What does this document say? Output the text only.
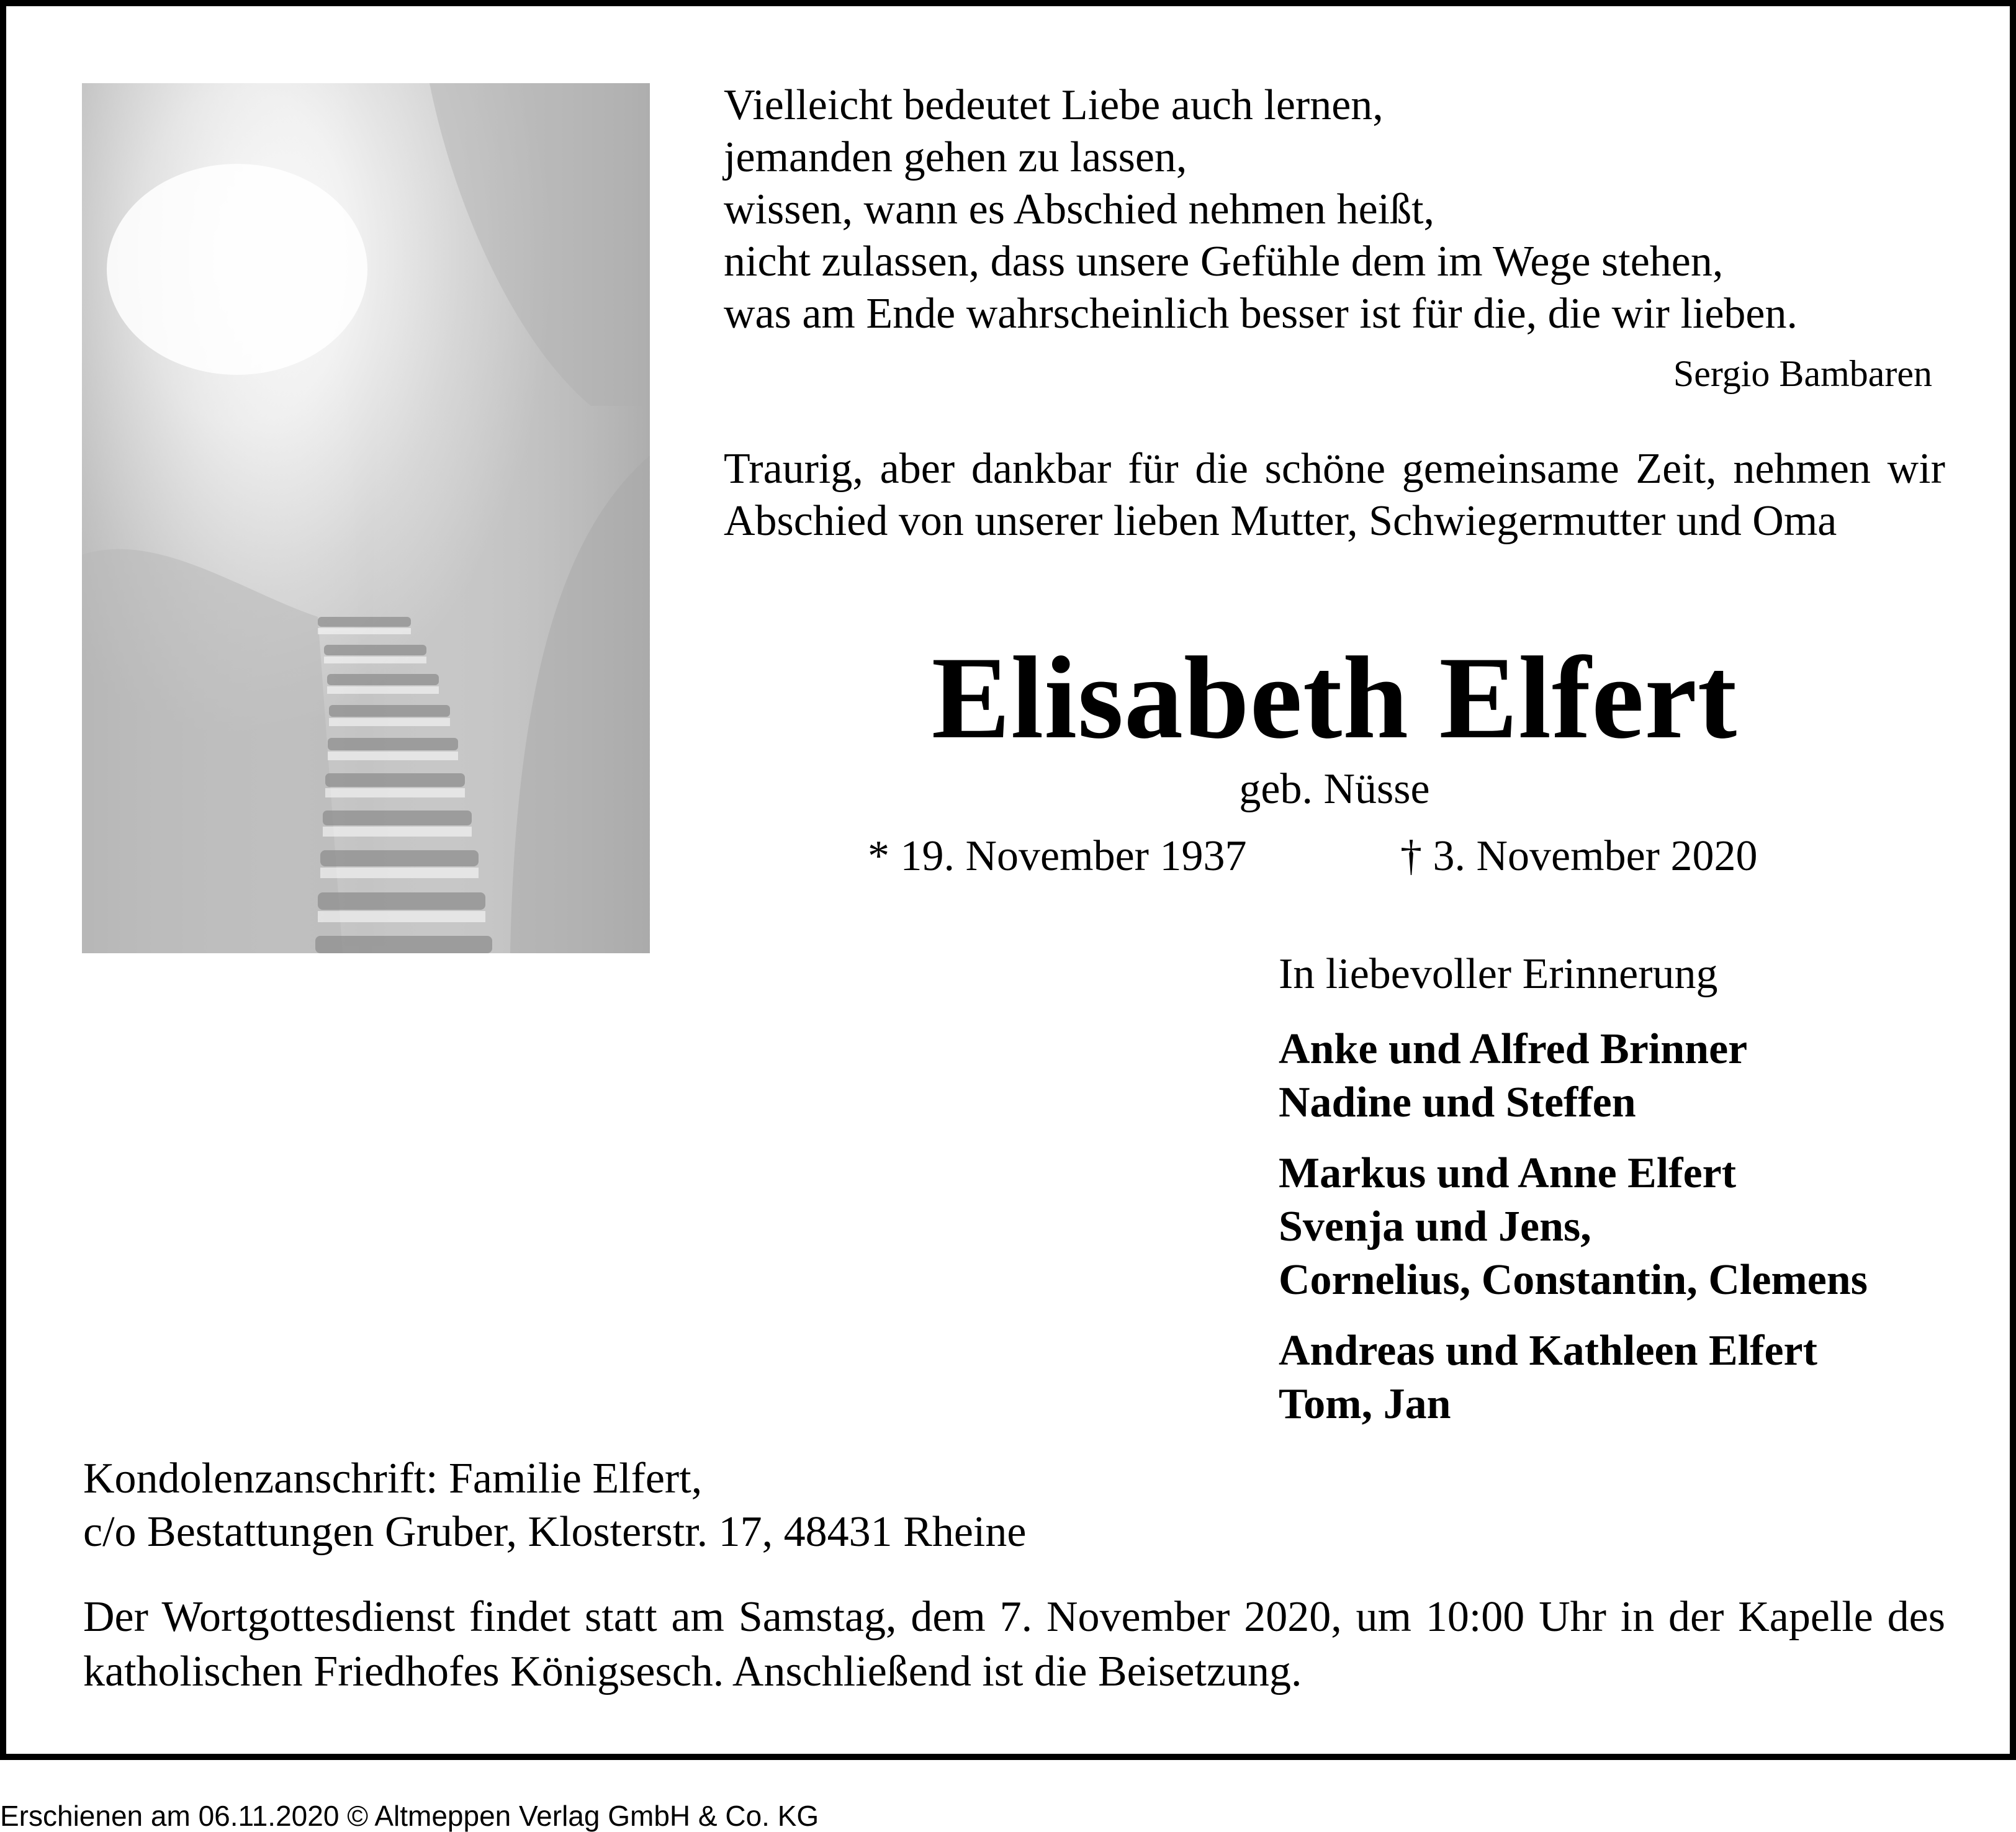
Vielleicht bedeutet Liebe auch lernen,
jemanden gehen zu lassen,
wissen, wann es Abschied nehmen heißt,
nicht zulassen, dass unsere Gefühle dem im Wege stehen,
was am Ende wahrscheinlich besser ist für die, die wir lieben.
Sergio Bambaren
Traurig, aber dankbar für die schöne gemeinsame Zeit, nehmen wir Abschied von unserer lieben Mutter, Schwiegermutter und Oma
Elisabeth Elfert
geb. Nüsse
* 19. November 1937	† 3. November 2020
In liebevoller Erinnerung
Anke und Alfred Brinner
Nadine und Steffen
Markus und Anne Elfert
Svenja und Jens,
Cornelius, Constantin, Clemens
Andreas und Kathleen Elfert
Tom, Jan
Kondolenzanschrift: Familie Elfert,
c/o Bestattungen Gruber, Klosterstr. 17, 48431 Rheine
Der Wortgottesdienst findet statt am Samstag, dem 7. November 2020, um 10:00 Uhr in der Kapelle des katholischen Friedhofes Königsesch. Anschließend ist die Beisetzung.
Erschienen am 06.11.2020 © Altmeppen Verlag GmbH & Co. KG
